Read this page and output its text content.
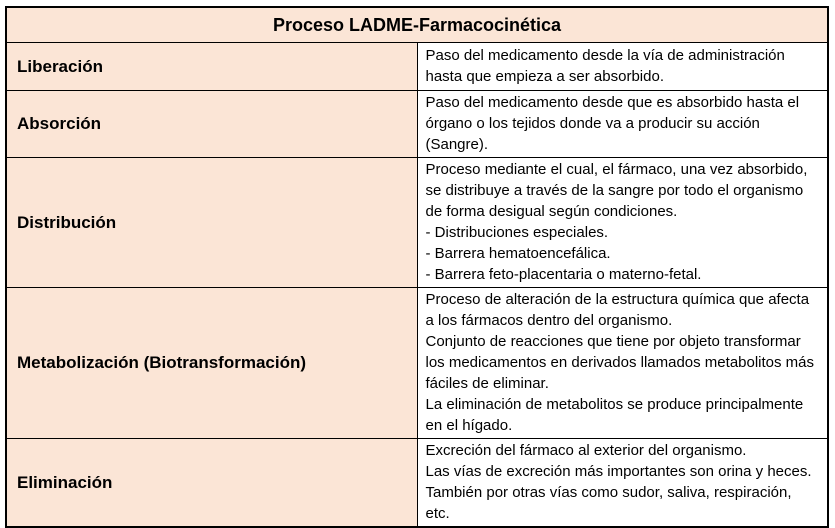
Proceso LADME-Farmacocinética	
Liberación	Paso del medicamento desde la vía de administración hasta que empieza a ser absorbido.

Absorción	Paso del medicamento desde que es absorbido hasta el órgano o los tejidos donde va a producir su acción (Sangre).

Distribución	Proceso mediante el cual, el fármaco, una vez absorbido, se distribuye a través de la sangre por todo el organismo de forma desigual según condiciones.
- Distribuciones especiales.
- Barrera hematoencefálica.
- Barrera feto-placentaria o materno-fetal.

Metabolización (Biotransformación)	Proceso de alteración de la estructura química que afecta a los fármacos dentro del organismo.
Conjunto de reacciones que tiene por objeto transformar los medicamentos en derivados llamados metabolitos más fáciles de eliminar.
La eliminación de metabolitos se produce principalmente en el hígado.

Eliminación	Excreción del fármaco al exterior del organismo.
Las vías de excreción más importantes son orina y heces.
También por otras vías como sudor, saliva, respiración, etc.
